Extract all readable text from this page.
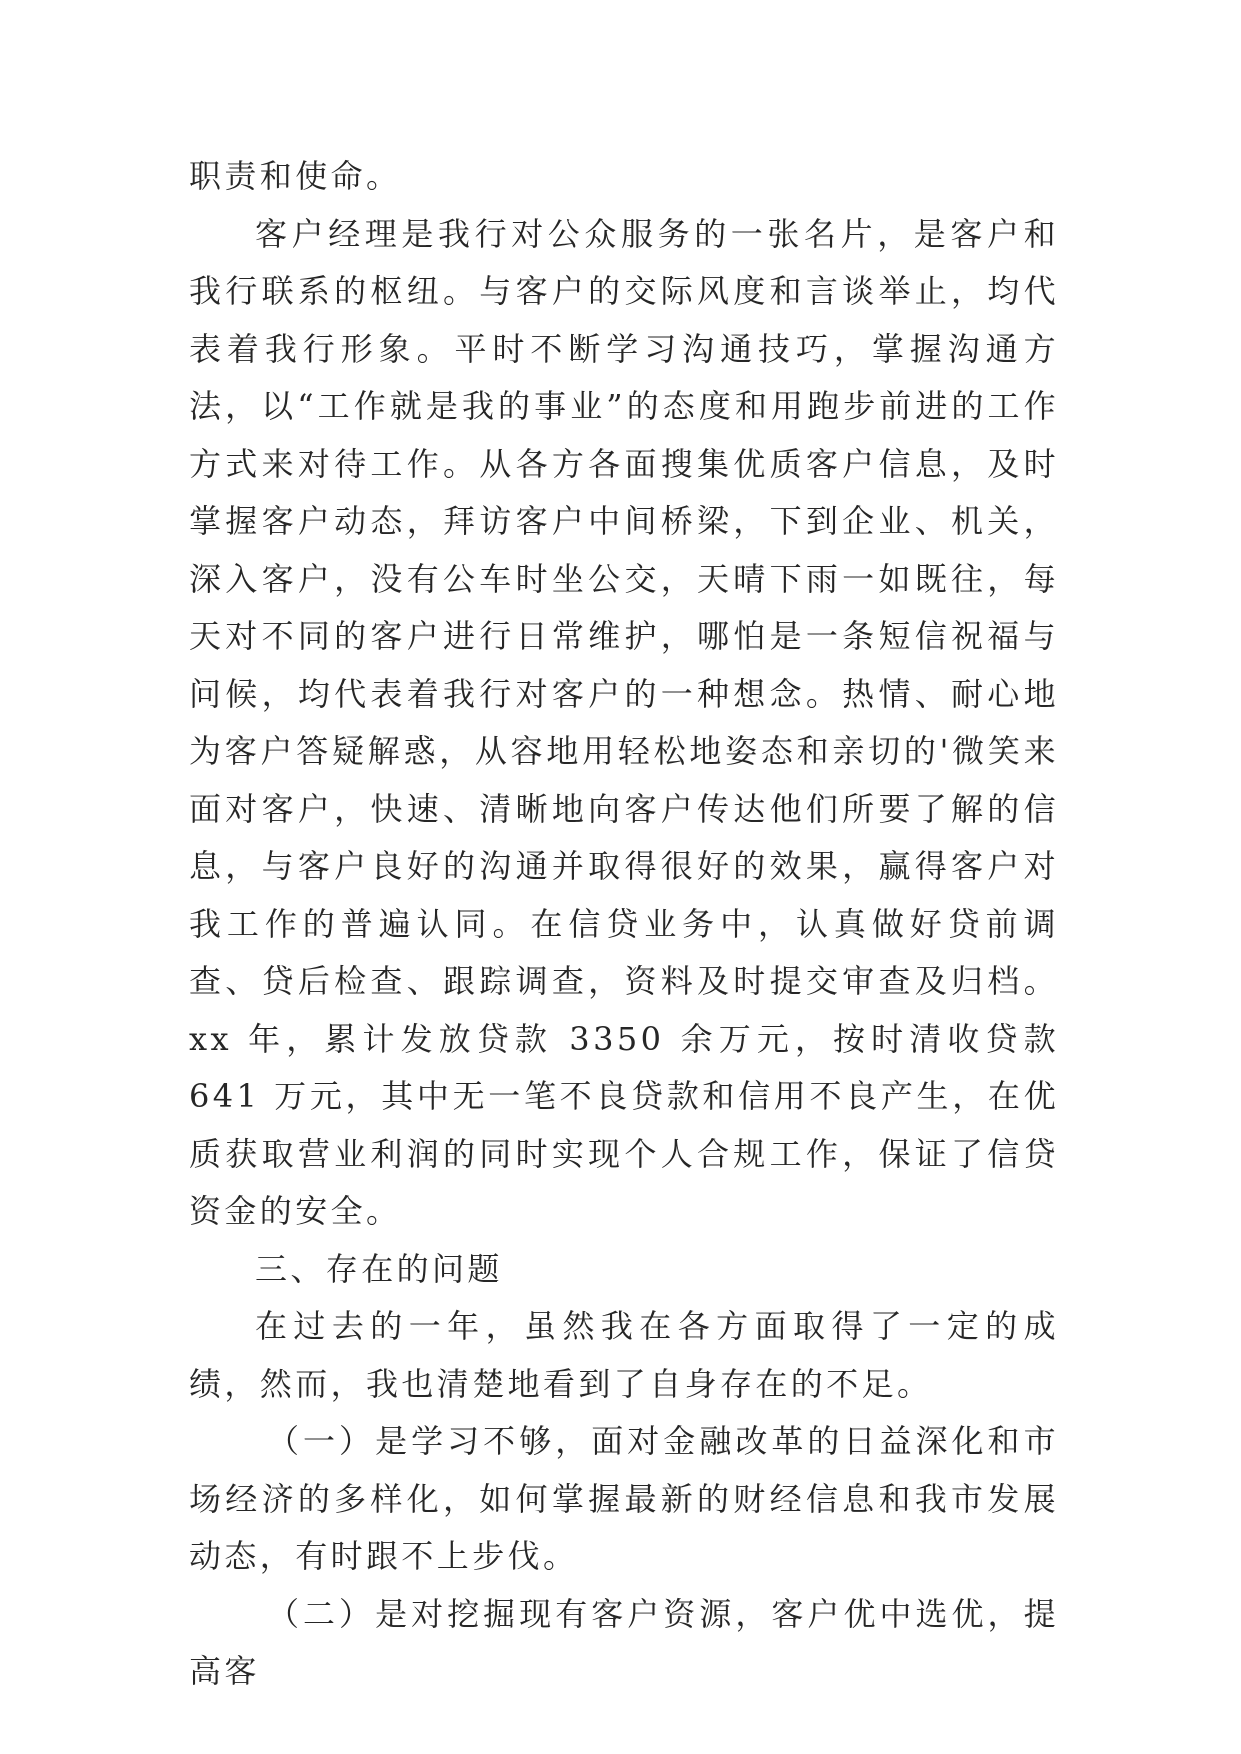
职责和使命。

客户经理是我行对公众服务的一张名片，是客户和我行联系的枢纽。与客户的交际风度和言谈举止，均代表着我行形象。平时不断学习沟通技巧，掌握沟通方法，以“工作就是我的事业”的态度和用跑步前进的工作方式来对待工作。从各方各面搜集优质客户信息，及时掌握客户动态，拜访客户中间桥梁，下到企业、机关，深入客户，没有公车时坐公交，天晴下雨一如既往，每天对不同的客户进行日常维护，哪怕是一条短信祝福与问候，均代表着我行对客户的一种想念。热情、耐心地为客户答疑解惑，从容地用轻松地姿态和亲切的'微笑来面对客户，快速、清晰地向客户传达他们所要了解的信息，与客户良好的沟通并取得很好的效果，赢得客户对我工作的普遍认同。在信贷业务中，认真做好贷前调查、贷后检查、跟踪调查，资料及时提交审查及归档。xx 年，累计发放贷款 3350 余万元，按时清收贷款 641 万元，其中无一笔不良贷款和信用不良产生，在优质获取营业利润的同时实现个人合规工作，保证了信贷资金的安全。

三、存在的问题

在过去的一年，虽然我在各方面取得了一定的成绩，然而，我也清楚地看到了自身存在的不足。

（一）是学习不够，面对金融改革的日益深化和市场经济的多样化，如何掌握最新的财经信息和我市发展动态，有时跟不上步伐。

（二）是对挖掘现有客户资源，客户优中选优，提高客
